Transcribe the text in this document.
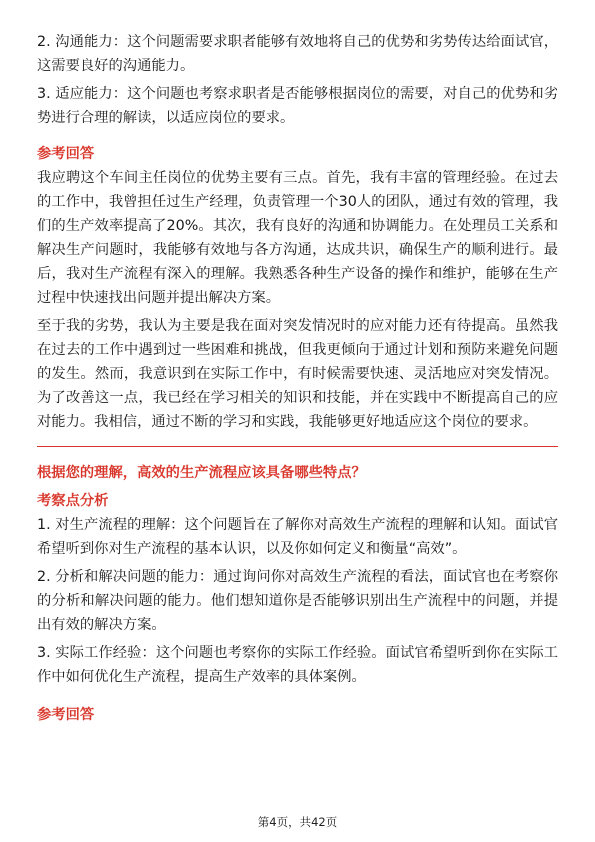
2. 沟通能力：这个问题需要求职者能够有效地将自己的优势和劣势传达给面试官，这需要良好的沟通能力。

3. 适应能力：这个问题也考察求职者是否能够根据岗位的需要，对自己的优势和劣势进行合理的解读，以适应岗位的要求。

参考回答

我应聘这个车间主任岗位的优势主要有三点。首先，我有丰富的管理经验。在过去的工作中，我曾担任过生产经理，负责管理一个30人的团队，通过有效的管理，我们的生产效率提高了20%。其次，我有良好的沟通和协调能力。在处理员工关系和解决生产问题时，我能够有效地与各方沟通，达成共识，确保生产的顺利进行。最后，我对生产流程有深入的理解。我熟悉各种生产设备的操作和维护，能够在生产过程中快速找出问题并提出解决方案。

至于我的劣势，我认为主要是我在面对突发情况时的应对能力还有待提高。虽然我在过去的工作中遇到过一些困难和挑战，但我更倾向于通过计划和预防来避免问题的发生。然而，我意识到在实际工作中，有时候需要快速、灵活地应对突发情况。为了改善这一点，我已经在学习相关的知识和技能，并在实践中不断提高自己的应对能力。我相信，通过不断的学习和实践，我能够更好地适应这个岗位的要求。

根据您的理解，高效的生产流程应该具备哪些特点？

考察点分析

1. 对生产流程的理解：这个问题旨在了解你对高效生产流程的理解和认知。面试官希望听到你对生产流程的基本认识，以及你如何定义和衡量“高效”。

2. 分析和解决问题的能力：通过询问你对高效生产流程的看法，面试官也在考察你的分析和解决问题的能力。他们想知道你是否能够识别出生产流程中的问题，并提出有效的解决方案。

3. 实际工作经验：这个问题也考察你的实际工作经验。面试官希望听到你在实际工作中如何优化生产流程，提高生产效率的具体案例。

参考回答

第4页，共42页
